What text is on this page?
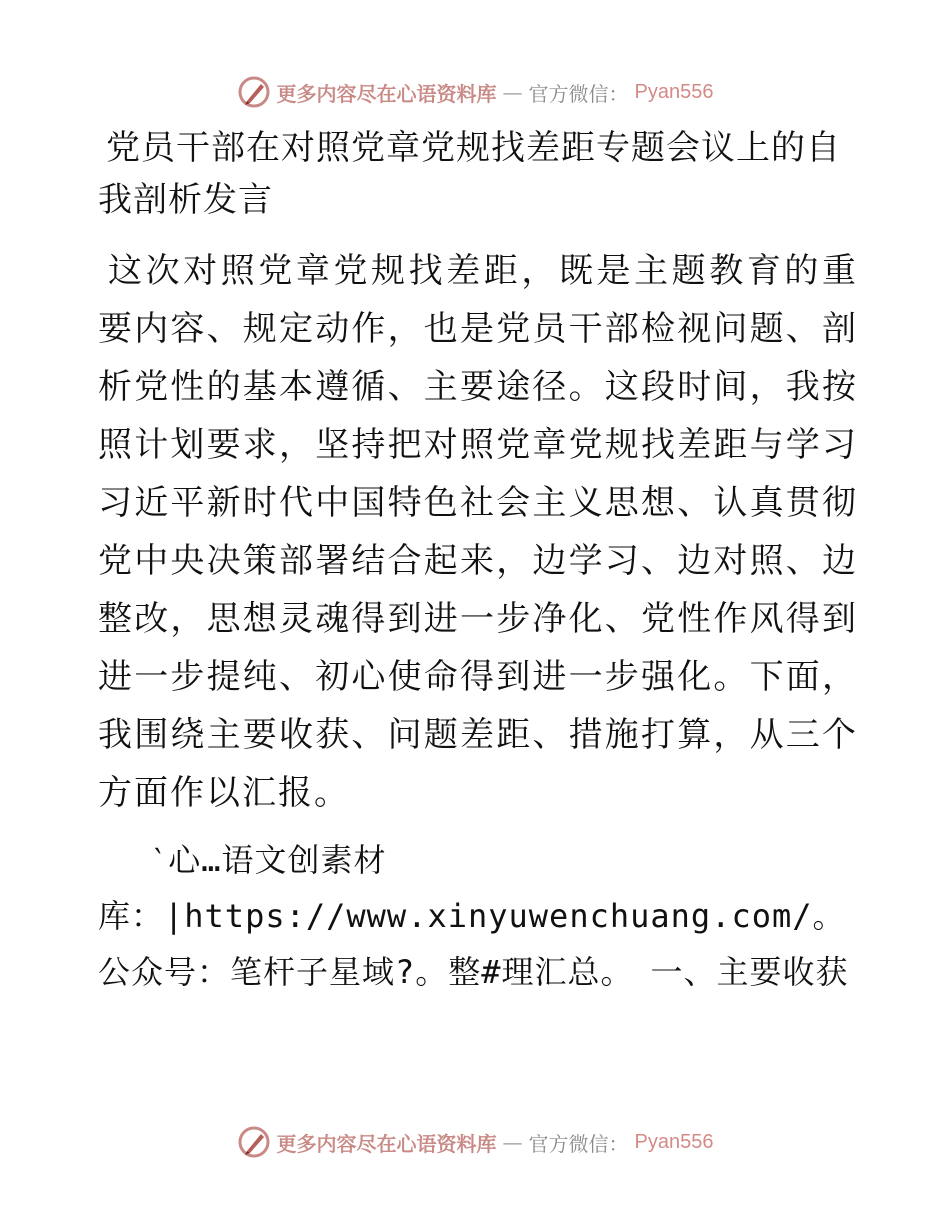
更多内容尽在心语资料库 — 官方微信： Pyan556
党员干部在对照党章党规找差距专题会议上的自我剖析发言

这次对照党章党规找差距，既是主题教育的重要内容、规定动作，也是党员干部检视问题、剖析党性的基本遵循、主要途径。这段时间，我按照计划要求，坚持把对照党章党规找差距与学习习近平新时代中国特色社会主义思想、认真贯彻党中央决策部署结合起来，边学习、边对照、边整改，思想灵魂得到进一步净化、党性作风得到进一步提纯、初心使命得到进一步强化。下面，我围绕主要收获、问题差距、措施打算，从三个方面作以汇报。

‵心…语文创素材
库：|https://www.xinyuwenchuang.com/。公众号：笔杆子星域?。整#理汇总。　一、主要收获

更多内容尽在心语资料库 — 官方微信： Pyan556
